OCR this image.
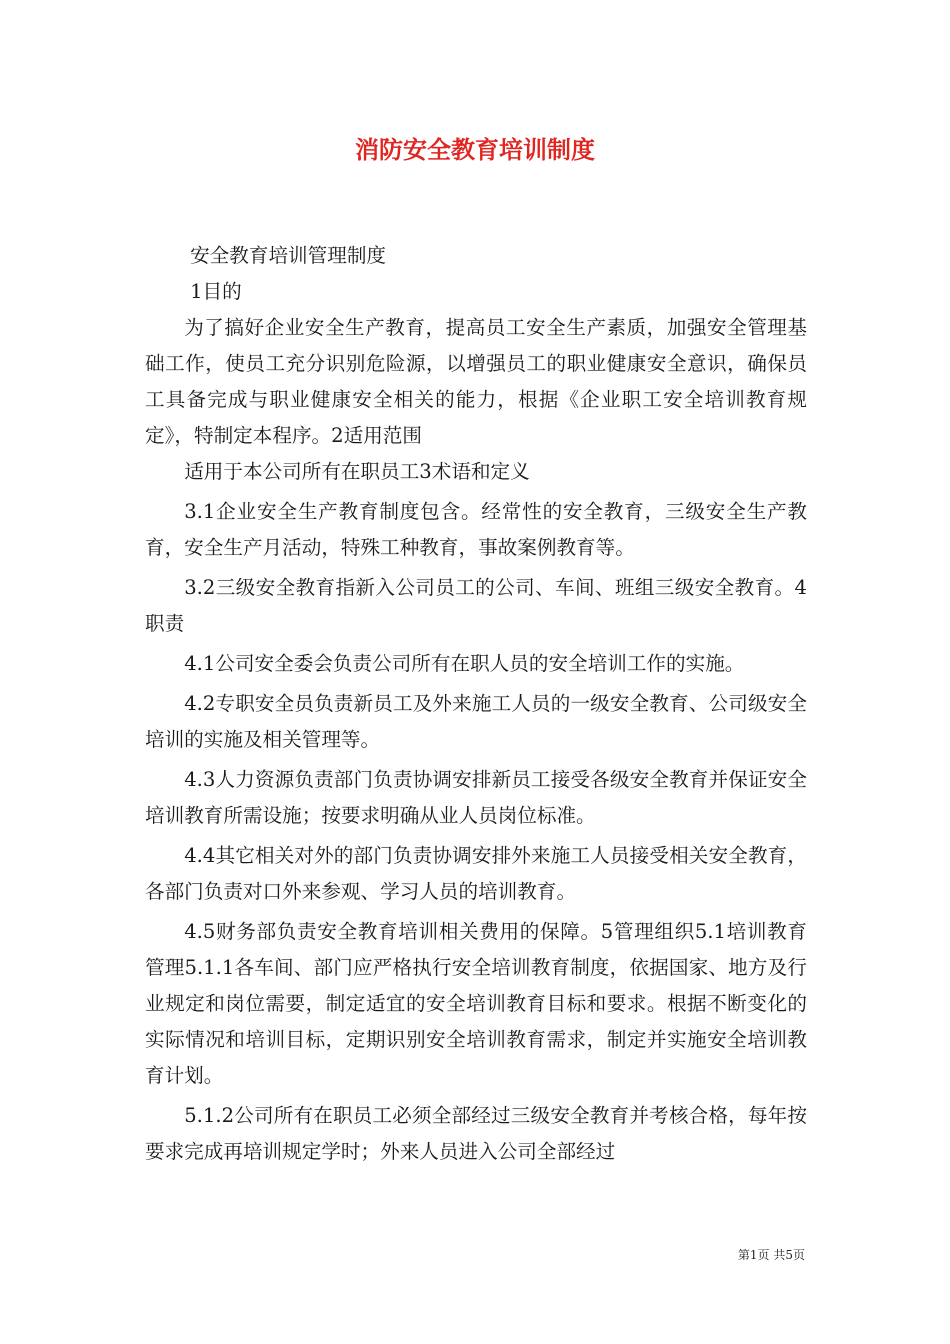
消防安全教育培训制度

安全教育培训管理制度

1目的

为了搞好企业安全生产教育，提高员工安全生产素质，加强安全管理基础工作，使员工充分识别危险源，以增强员工的职业健康安全意识，确保员工具备完成与职业健康安全相关的能力，根据《企业职工安全培训教育规定》，特制定本程序。2适用范围

适用于本公司所有在职员工3术语和定义

3.1企业安全生产教育制度包含。经常性的安全教育，三级安全生产教育，安全生产月活动，特殊工种教育，事故案例教育等。

3.2三级安全教育指新入公司员工的公司、车间、班组三级安全教育。4职责

4.1公司安全委会负责公司所有在职人员的安全培训工作的实施。

4.2专职安全员负责新员工及外来施工人员的一级安全教育、公司级安全培训的实施及相关管理等。

4.3人力资源负责部门负责协调安排新员工接受各级安全教育并保证安全培训教育所需设施；按要求明确从业人员岗位标准。

4.4其它相关对外的部门负责协调安排外来施工人员接受相关安全教育，各部门负责对口外来参观、学习人员的培训教育。

4.5财务部负责安全教育培训相关费用的保障。5管理组织5.1培训教育管理5.1.1各车间、部门应严格执行安全培训教育制度，依据国家、地方及行业规定和岗位需要，制定适宜的安全培训教育目标和要求。根据不断变化的实际情况和培训目标，定期识别安全培训教育需求，制定并实施安全培训教育计划。

5.1.2公司所有在职员工必须全部经过三级安全教育并考核合格，每年按要求完成再培训规定学时；外来人员进入公司全部经过

第1页 共5页
